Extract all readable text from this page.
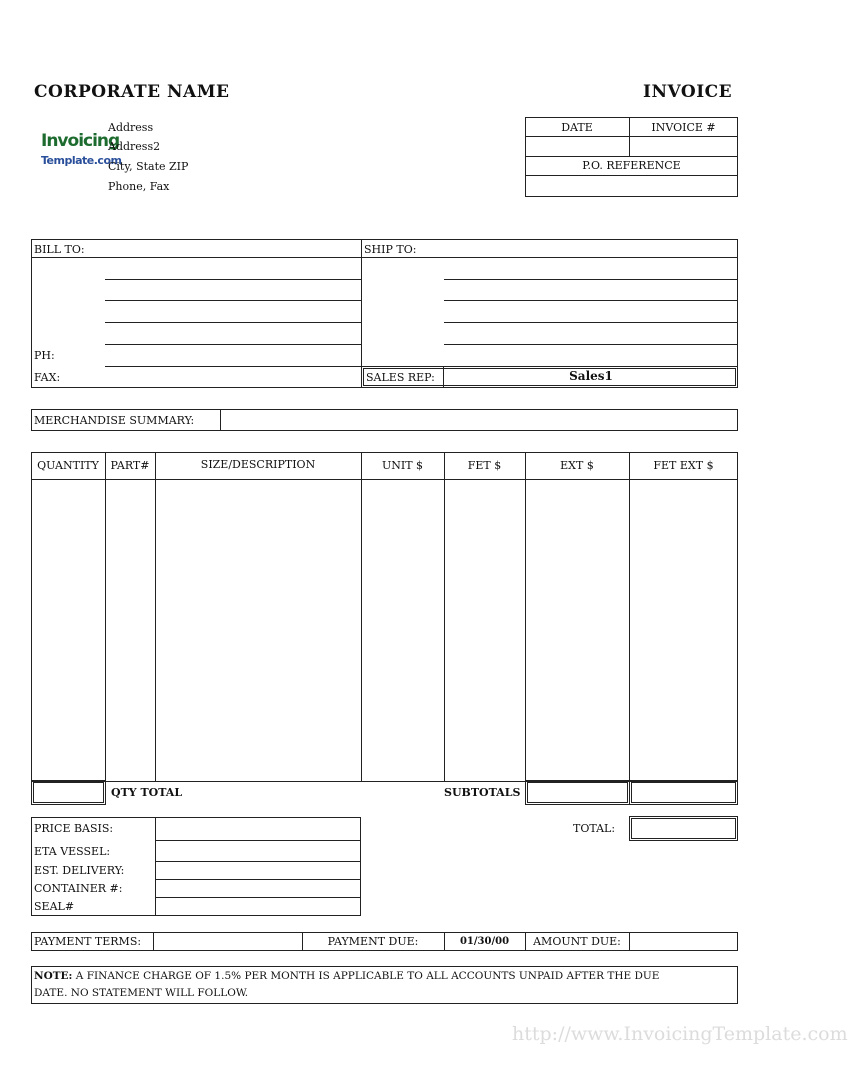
CORPORATE NAME	INVOICE
Invoicing
Template.com
Address
Address2
City, State ZIP
Phone, Fax
DATE	INVOICE #
P.O. REFERENCE
BILL TO:	SHIP TO:
PH:
FAX:	SALES REP:	Sales1
MERCHANDISE SUMMARY:
QUANTITY	PART#	SIZE/DESCRIPTION	UNIT $	FET $	EXT $	FET EXT $
QTY TOTAL	SUBTOTALS
PRICE BASIS:
ETA VESSEL:
EST. DELIVERY:
CONTAINER #:
SEAL#
TOTAL:
PAYMENT TERMS:	PAYMENT DUE:	01/30/00	AMOUNT DUE:
NOTE: A FINANCE CHARGE OF 1.5% PER MONTH IS APPLICABLE TO ALL ACCOUNTS UNPAID AFTER THE DUE
DATE. NO STATEMENT WILL FOLLOW.
http://www.InvoicingTemplate.com
